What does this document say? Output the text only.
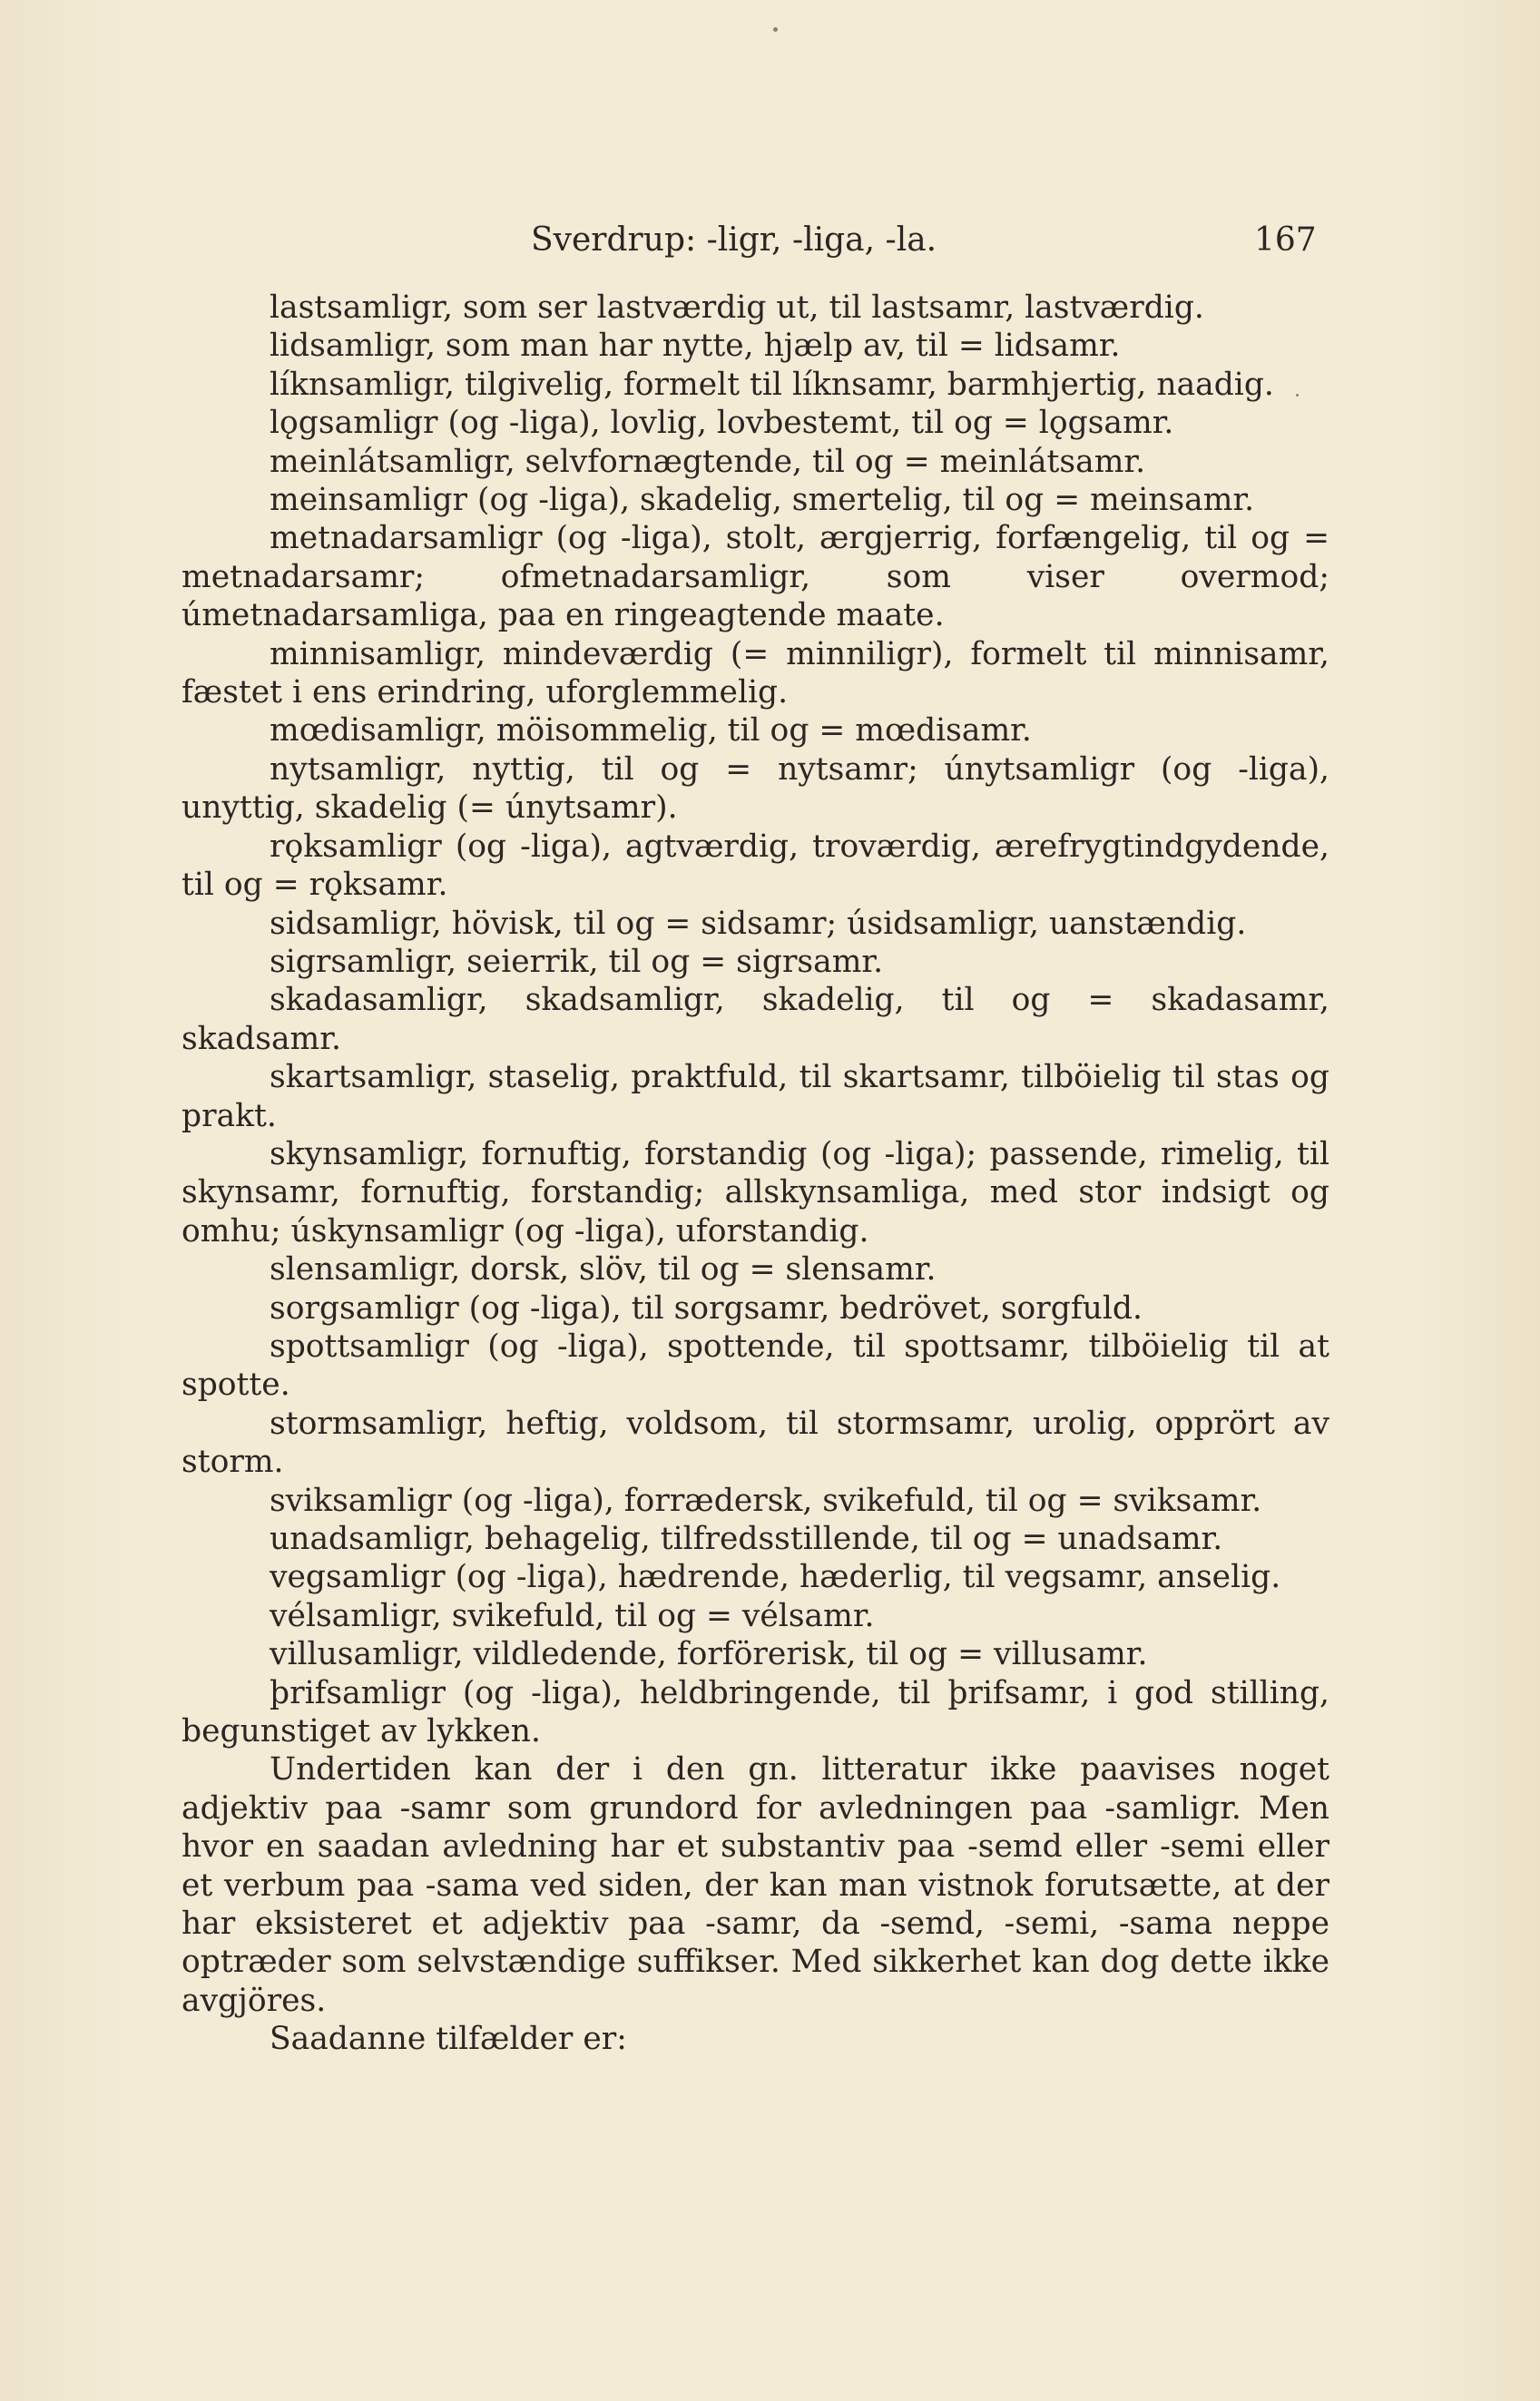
Sverdrup: -ligr, -liga, -la.	167

lastsamligr, som ser lastværdig ut, til lastsamr, lastværdig.

lidsamligr, som man har nytte, hjælp av, til = lidsamr.

líknsamligr, tilgivelig, formelt til líknsamr, barmhjertig, naadig.

lǫgsamligr (og -liga), lovlig, lovbestemt, til og = lǫgsamr.

meinlátsamligr, selvfornægtende, til og = meinlátsamr.

meinsamligr (og -liga), skadelig, smertelig, til og = meinsamr.

metnadarsamligr (og -liga), stolt, ærgjerrig, forfængelig, til og = metnadarsamr; ofmetnadarsamligr, som viser overmod; úmetnadarsamliga, paa en ringeagtende maate.

minnisamligr, mindeværdig (= minniligr), formelt til minnisamr, fæstet i ens erindring, uforglemmelig.

mœdisamligr, möisommelig, til og = mœdisamr.

nytsamligr, nyttig, til og = nytsamr; únytsamligr (og -liga), unyttig, skadelig (= únytsamr).

rǫksamligr (og -liga), agtværdig, troværdig, ærefrygtindgydende, til og = rǫksamr.

sidsamligr, hövisk, til og = sidsamr; úsidsamligr, uanstændig.

sigrsamligr, seierrik, til og = sigrsamr.

skadasamligr, skadsamligr, skadelig, til og = skadasamr, skadsamr.

skartsamligr, staselig, praktfuld, til skartsamr, tilböielig til stas og prakt.

skynsamligr, fornuftig, forstandig (og -liga); passende, rimelig, til skynsamr, fornuftig, forstandig; allskynsamliga, med stor indsigt og omhu; úskynsamligr (og -liga), uforstandig.

slensamligr, dorsk, slöv, til og = slensamr.

sorgsamligr (og -liga), til sorgsamr, bedrövet, sorgfuld.

spottsamligr (og -liga), spottende, til spottsamr, tilböielig til at spotte.

stormsamligr, heftig, voldsom, til stormsamr, urolig, opprört av storm.

sviksamligr (og -liga), forrædersk, svikefuld, til og = sviksamr.

unadsamligr, behagelig, tilfredsstillende, til og = unadsamr.

vegsamligr (og -liga), hædrende, hæderlig, til vegsamr, anselig.

vélsamligr, svikefuld, til og = vélsamr.

villusamligr, vildledende, forförerisk, til og = villusamr.

þrifsamligr (og -liga), heldbringende, til þrifsamr, i god stilling, begunstiget av lykken.

Undertiden kan der i den gn. litteratur ikke paavises noget adjektiv paa -samr som grundord for avledningen paa -samligr. Men hvor en saadan avledning har et substantiv paa -semd eller -semi eller et verbum paa -sama ved siden, der kan man vistnok forutsætte, at der har eksisteret et adjektiv paa -samr, da -semd, -semi, -sama neppe optræder som selvstændige suffikser. Med sikkerhet kan dog dette ikke avgjöres.

Saadanne tilfælder er:
